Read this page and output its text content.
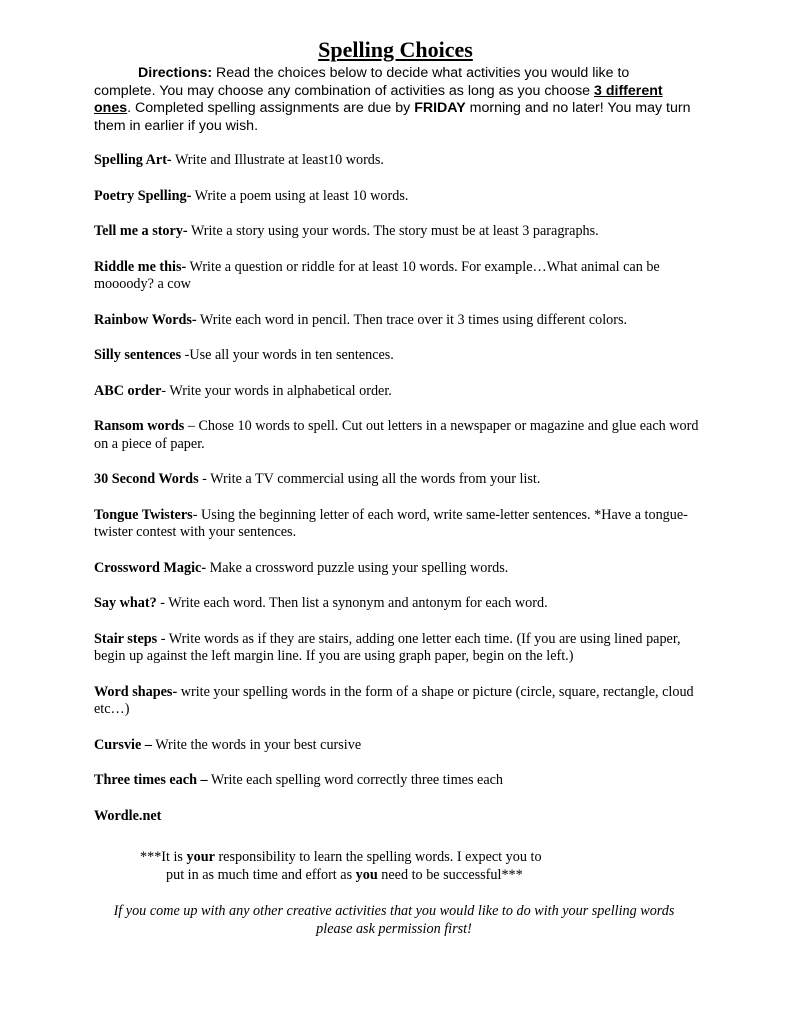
Spelling Choices

Directions: Read the choices below to decide what activities you would like to complete. You may choose any combination of activities as long as you choose 3 different ones. Completed spelling assignments are due by FRIDAY morning and no later! You may turn them in earlier if you wish.

Spelling Art- Write and Illustrate at least10 words.

Poetry Spelling- Write a poem using at least 10 words.

Tell me a story- Write a story using your words. The story must be at least 3 paragraphs.

Riddle me this- Write a question or riddle for at least 10 words. For example…What animal can be moooody? a cow

Rainbow Words- Write each word in pencil. Then trace over it 3 times using different colors.

Silly sentences -Use all your words in ten sentences.

ABC order- Write your words in alphabetical order.

Ransom words – Chose 10 words to spell. Cut out letters in a newspaper or magazine and glue each word on a piece of paper.

30 Second Words - Write a TV commercial using all the words from your list.

Tongue Twisters- Using the beginning letter of each word, write same-letter sentences. *Have a tongue-twister contest with your sentences.

Crossword Magic- Make a crossword puzzle using your spelling words.

Say what? - Write each word. Then list a synonym and antonym for each word.

Stair steps - Write words as if they are stairs, adding one letter each time. (If you are using lined paper, begin up against the left margin line. If you are using graph paper, begin on the left.)

Word shapes- write your spelling words in the form of a shape or picture (circle, square, rectangle, cloud etc…)

Cursvie – Write the words in your best cursive

Three times each – Write each spelling word correctly three times each

Wordle.net

***It is your responsibility to learn the spelling words. I expect you to
put in as much time and effort as you need to be successful***

If you come up with any other creative activities that you would like to do with your spelling words please ask permission first!
